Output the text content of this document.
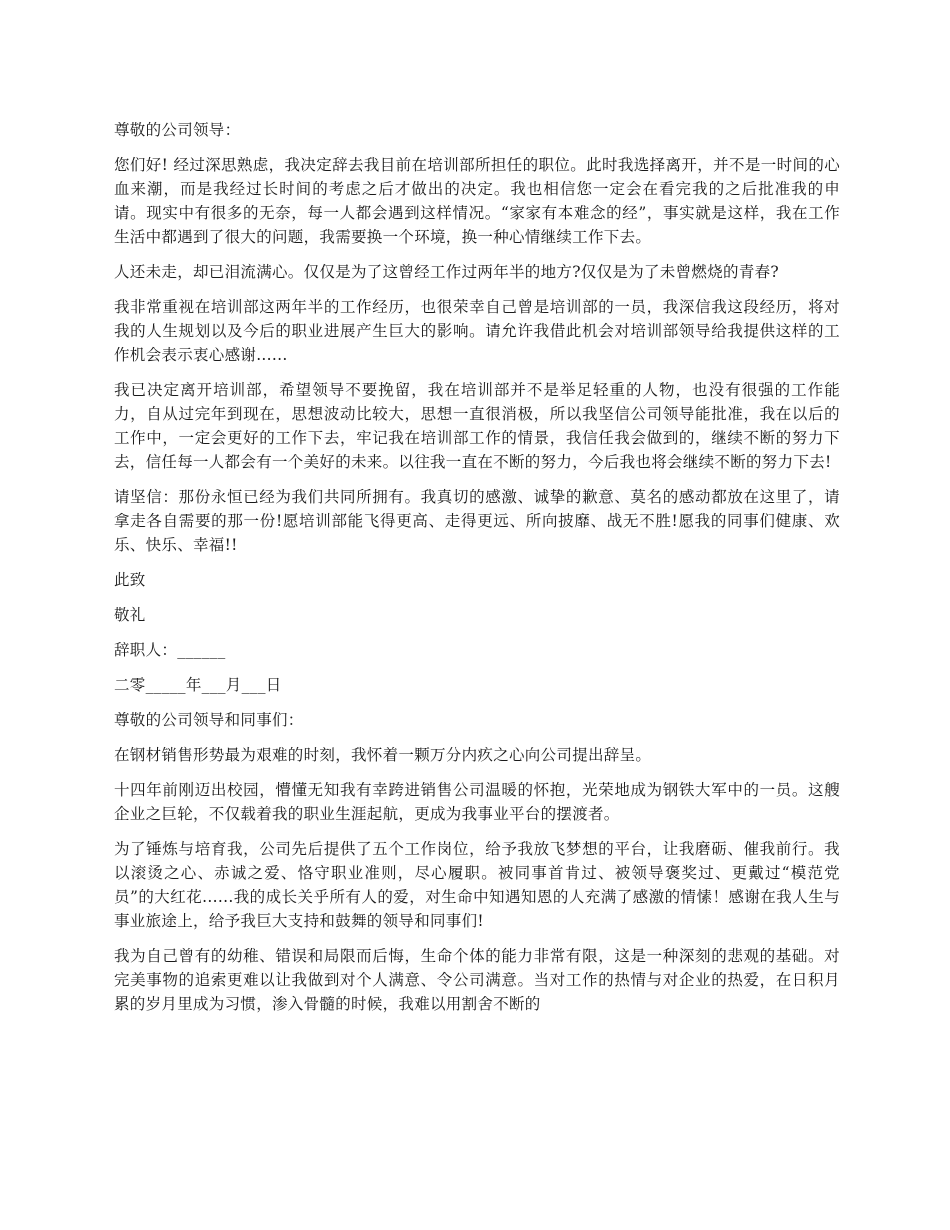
尊敬的公司领导：

您们好! 经过深思熟虑，我决定辞去我目前在培训部所担任的职位。此时我选择离开，并不是一时间的心血来潮，而是我经过长时间的考虑之后才做出的决定。我也相信您一定会在看完我的之后批准我的申请。现实中有很多的无奈，每一人都会遇到这样情况。“家家有本难念的经”，事实就是这样，我在工作生活中都遇到了很大的问题，我需要换一个环境，换一种心情继续工作下去。

人还未走，却已泪流满心。仅仅是为了这曾经工作过两年半的地方?仅仅是为了未曾燃烧的青春?

我非常重视在培训部这两年半的工作经历，也很荣幸自己曾是培训部的一员，我深信我这段经历，将对我的人生规划以及今后的职业进展产生巨大的影响。请允许我借此机会对培训部领导给我提供这样的工作机会表示衷心感谢......

我已决定离开培训部，希望领导不要挽留，我在培训部并不是举足轻重的人物，也没有很强的工作能力，自从过完年到现在，思想波动比较大，思想一直很消极，所以我坚信公司领导能批准，我在以后的工作中，一定会更好的工作下去，牢记我在培训部工作的情景，我信任我会做到的，继续不断的努力下去，信任每一人都会有一个美好的未来。以往我一直在不断的努力，今后我也将会继续不断的努力下去!

请坚信：那份永恒已经为我们共同所拥有。我真切的感激、诚挚的歉意、莫名的感动都放在这里了，请拿走各自需要的那一份!愿培训部能飞得更高、走得更远、所向披靡、战无不胜!愿我的同事们健康、欢乐、快乐、幸福!!

此致

敬礼

辞职人：______

二零_____年___月___日

尊敬的公司领导和同事们：

在钢材销售形势最为艰难的时刻，我怀着一颗万分内疚之心向公司提出辞呈。

十四年前刚迈出校园，懵懂无知我有幸跨进销售公司温暖的怀抱，光荣地成为钢铁大军中的一员。这艘企业之巨轮，不仅载着我的职业生涯起航，更成为我事业平台的摆渡者。

为了锤炼与培育我，公司先后提供了五个工作岗位，给予我放飞梦想的平台，让我磨砺、催我前行。我以滚烫之心、赤诚之爱、恪守职业准则，尽心履职。被同事首肯过、被领导褒奖过、更戴过“模范党员”的大红花......我的成长关乎所有人的爱，对生命中知遇知恩的人充满了感激的情愫！感谢在我人生与事业旅途上，给予我巨大支持和鼓舞的领导和同事们!

我为自己曾有的幼稚、错误和局限而后悔，生命个体的能力非常有限，这是一种深刻的悲观的基础。对完美事物的追索更难以让我做到对个人满意、令公司满意。当对工作的热情与对企业的热爱，在日积月累的岁月里成为习惯，渗入骨髓的时候，我难以用割舍不断的
